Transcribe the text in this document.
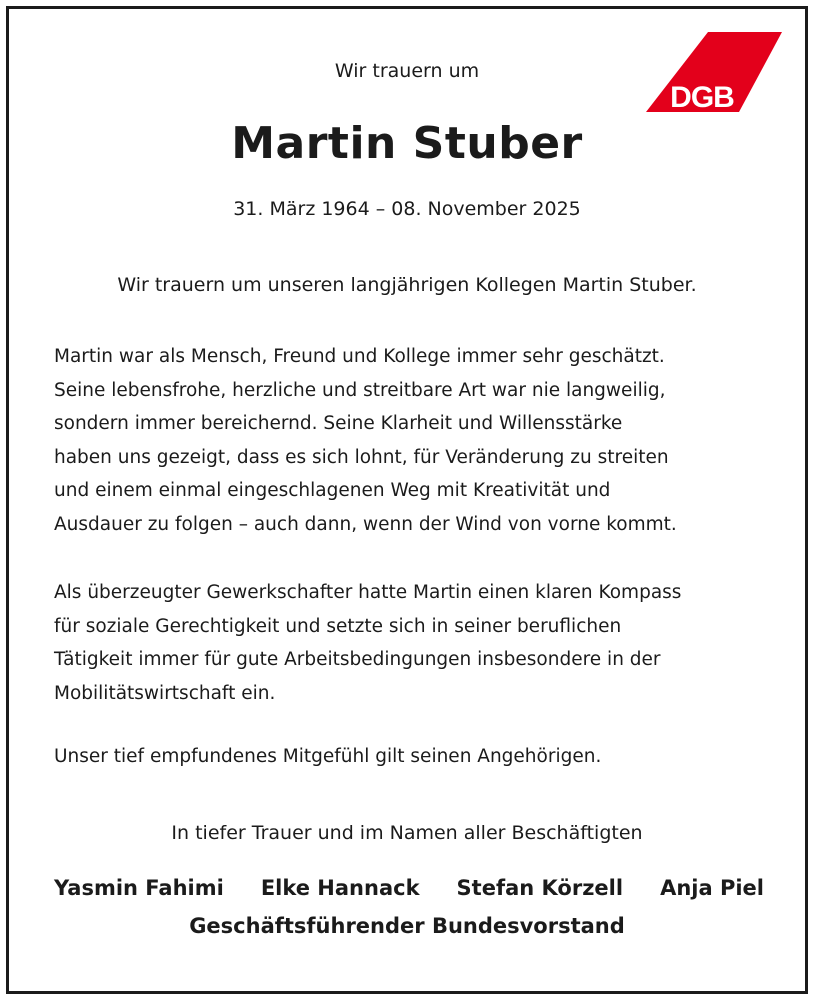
DGB
Wir trauern um
Martin Stuber
31. März 1964 – 08. November 2025
Wir trauern um unseren langjährigen Kollegen Martin Stuber.

Martin war als Mensch, Freund und Kollege immer sehr geschätzt.
Seine lebensfrohe, herzliche und streitbare Art war nie langweilig,
sondern immer bereichernd. Seine Klarheit und Willensstärke
haben uns gezeigt, dass es sich lohnt, für Veränderung zu streiten
und einem einmal eingeschlagenen Weg mit Kreativität und
Ausdauer zu folgen – auch dann, wenn der Wind von vorne kommt.

Als überzeugter Gewerkschafter hatte Martin einen klaren Kompass
für soziale Gerechtigkeit und setzte sich in seiner beruflichen
Tätigkeit immer für gute Arbeitsbedingungen insbesondere in der
Mobilitätswirtschaft ein.

Unser tief empfundenes Mitgefühl gilt seinen Angehörigen.

In tiefer Trauer und im Namen aller Beschäftigten
Yasmin Fahimi Elke Hannack Stefan Körzell Anja Piel
Geschäftsführender Bundesvorstand
